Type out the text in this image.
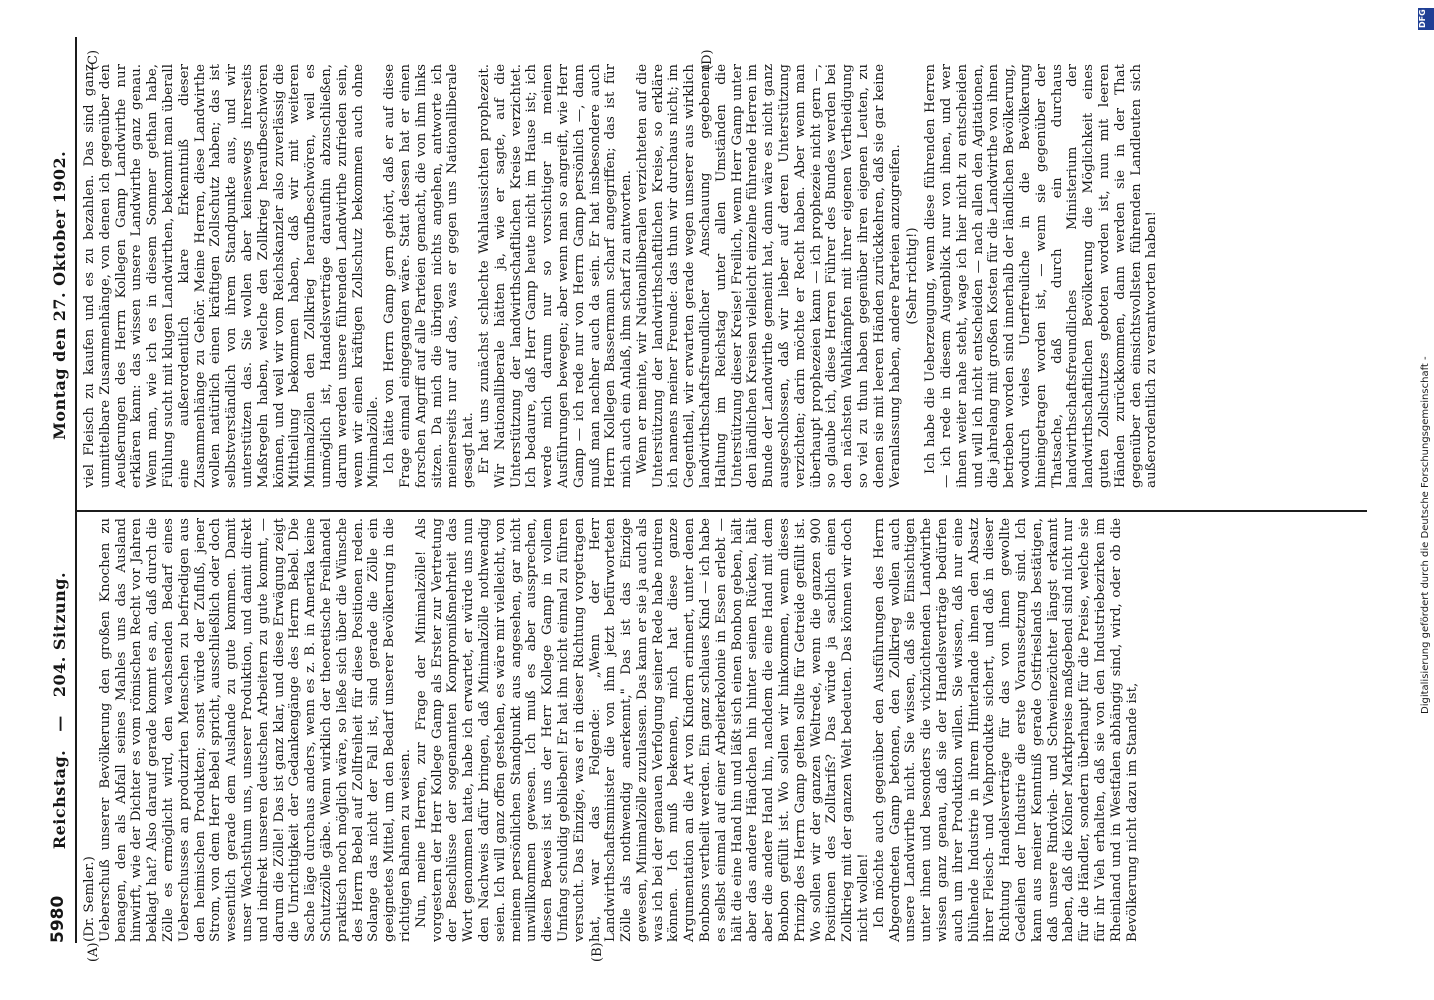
5980
Reichstag. — 204. Sitzung. Montag den 27. Oktober 1902.
(A)	(B)
(C)	(D)

(Dr. Semler.) Ueberschuß unserer Bevölkerung den großen Knochen zu benagen, den als Abfall seines Mahles uns das Ausland hinwirft, wie der Dichter es vom römischen Recht vor Jahren beklagt hat? Also darauf gerade kommt es an, daß durch die Zölle es ermöglicht wird, den wachsenden Bedarf eines Ueberschusses an produzirten Menschen zu befriedigen aus den heimischen Produkten; sonst würde der Zufluß, jener Strom, von dem Herr Bebel spricht, ausschließlich oder doch wesentlich gerade dem Auslande zu gute kommen. Damit unser Wachsthum uns, unserer Produktion, und damit direkt und indirekt unseren deutschen Arbeitern zu gute kommt, — darum die Zölle! Das ist ganz klar, und diese Erwägung zeigt die Unrichtigkeit der Gedankengänge des Herrn Bebel. Die Sache läge durchaus anders, wenn es z. B. in Amerika keine Schutzzölle gäbe. Wenn wirklich der theoretische Freihandel praktisch noch möglich wäre, so ließe sich über die Wünsche des Herrn Bebel auf Zollfreiheit für diese Positionen reden. Solange das nicht der Fall ist, sind gerade die Zölle ein geeignetes Mittel, um den Bedarf unserer Bevölkerung in die richtigen Bahnen zu weisen. Nun, meine Herren, zur Frage der Minimalzölle! Als vorgestern der Herr Kollege Gamp als Erster zur Vertretung der Beschlüsse der sogenannten Kompromißmehrheit das Wort genommen hatte, habe ich erwartet, er würde uns nun den Nachweis dafür bringen, daß Minimalzölle nothwendig seien. Ich will ganz offen gestehen, es wäre mir vielleicht, von meinem persönlichen Standpunkt aus angesehen, gar nicht unwillkommen gewesen. Ich muß es aber aussprechen, diesen Beweis ist uns der Herr Kollege Gamp in vollem Umfang schuldig geblieben! Er hat ihn nicht einmal zu führen versucht. Das Einzige, was er in dieser Richtung vorgetragen hat, war das Folgende: „Wenn der Herr Landwirthschaftsminister die von ihm jetzt befürworteten Zölle als nothwendig anerkennt," Das ist das Einzige gewesen, Minimalzölle zuzulassen. Das kann er sie ja auch als was ich bei der genauen Verfolgung seiner Rede habe notiren können. Ich muß bekennen, mich hat diese ganze Argumentation an die Art von Kindern erinnert, unter denen Bonbons vertheilt werden. Ein ganz schlaues Kind — ich habe es selbst einmal auf einer Arbeiterkolonie in Essen erlebt — hält die eine Hand hin und läßt sich einen Bonbon geben, hält aber das andere Händchen hin hinter seinen Rücken, hält aber die andere Hand hin, nachdem die eine Hand mit dem Bonbon gefüllt ist. Wo sollen wir hinkommen, wenn dieses Prinzip des Herrn Gamp gelten sollte für Getreide gefüllt ist. Wo sollen wir der ganzen Weltrede, wenn die ganzen 900 Positionen des Zolltarifs? Das würde ja sachlich einen Zollkrieg mit der ganzen Welt bedeuten. Das können wir doch nicht wollen! Ich möchte auch gegenüber den Ausführungen des Herrn Abgeordneten Gamp betonen, den Zollkrieg wollen auch unsere Landwirthe nicht. Sie wissen, daß sie Einsichtigen unter ihnen und besonders die vichzüchtenden Landwirthe wissen ganz genau, daß sie der Handelsverträge bedürfen auch um ihrer Produktion willen. Sie wissen, daß nur eine blühende Industrie in ihrem Hinterlande ihnen den Absatz ihrer Fleisch- und Viehprodukte sichert, und daß in dieser Richtung Handelsverträge für das von ihnen gewollte Gedeihen der Industrie die erste Voraussetzung sind. Ich kann aus meiner Kenntniß gerade Ostfrieslands bestätigen, daß unsere Rindvieh- und Schweinezüchter längst erkannt haben, daß die Kölner Marktpreise maßgebend sind nicht nur für die Händler, sondern überhaupt für die Preise, welche sie für ihr Vieh erhalten, daß sie von den Industriebezirken im Rheinland und in Westfalen abhängig sind, wird, oder ob die Bevölkerung nicht dazu im Stande ist,

viel Fleisch zu kaufen und es zu bezahlen. Das sind ganz unmittelbare Zusammenhänge, von denen ich gegenüber den Aeußerungen des Herrn Kollegen Gamp Landwirthe nur erklären kann: das wissen unsere Landwirthe ganz genau. Wenn man, wie ich es in diesem Sommer gethan habe, Fühlung sucht mit klugen Landwirthen, bekommt man überall eine außerordentlich klare Erkenntniß dieser Zusammenhänge zu Gehör. Meine Herren, diese Landwirthe wollen natürlich einen kräftigen Zollschutz haben; das ist selbstverständlich von ihrem Standpunkte aus, und wir unterstützen das. Sie wollen aber keineswegs ihrerseits Maßregeln haben, welche den Zollkrieg heraufbeschwören können, und weil wir vom Reichskanzler also zuverlässig die Mittheilung bekommen haben, daß wir mit weiteren Minimalzöllen den Zollkrieg heraufbeschwören, weil es unmöglich ist, Handelsverträge daraufhin abzuschließen, darum werden unsere führenden Landwirthe zufrieden sein, wenn wir einen kräftigen Zollschutz bekommen auch ohne Minimalzölle. Ich hätte von Herrn Gamp gern gehört, daß er auf diese Frage einmal eingegangen wäre. Statt dessen hat er einen forschen Angriff auf alle Parteien gemacht, die von ihm links sitzen. Da mich die übrigen nichts angehen, antworte ich meinerseits nur auf das, was er gegen uns Nationalliberale gesagt hat. Er hat uns zunächst schlechte Wahlaussichten prophezeit. Wir Nationalliberale hätten ja, wie er sagte, auf die Unterstützung der landwirthschaftlichen Kreise verzichtet. Ich bedaure, daß Herr Gamp heute nicht im Hause ist; ich werde mich darum nur so vorsichtiger in meinen Ausführungen bewegen; aber wenn man so angreift, wie Herr Gamp — ich rede nur von Herrn Gamp persönlich —, dann muß man nachher auch da sein. Er hat insbesondere auch Herrn Kollegen Bassermann scharf angegriffen; das ist für mich auch ein Anlaß, ihm scharf zu antworten. Wenn er meinte, wir Nationalliberalen verzichteten auf die Unterstützung der landwirthschaftlichen Kreise, so erkläre ich namens meiner Freunde: das thun wir durchaus nicht; im Gegentheil, wir erwarten gerade wegen unserer aus wirklich landwirthschaftsfreundlicher Anschauung gegebenen Haltung im Reichstag unter allen Umständen die Unterstützung dieser Kreise! Freilich, wenn Herr Gamp unter den ländlichen Kreisen vielleicht einzelne führende Herren im Bunde der Landwirthe gemeint hat, dann wäre es nicht ganz ausgeschlossen, daß wir lieber auf deren Unterstützung verzichten; darin möchte er Recht haben. Aber wenn man überhaupt prophezeien kann — ich prophezeie nicht gern —, so glaube ich, diese Herren Führer des Bundes werden bei den nächsten Wahlkämpfen mit ihrer eigenen Vertheidigung so viel zu thun haben gegenüber ihren eigenen Leuten, zu denen sie mit leeren Händen zurückkehren, daß sie gar keine Veranlassung haben, andere Parteien anzugreifen. (Sehr richtig!) Ich habe die Ueberzeugung, wenn diese führenden Herren — ich rede in diesem Augenblick nur von ihnen, und wer ihnen weiter nahe steht, wage ich hier nicht zu entscheiden und will ich nicht entscheiden — nach allen den Agitationen, die jahrelang mit großen Kosten für die Landwirthe von ihnen betrieben worden sind innerhalb der ländlichen Bevölkerung, wodurch vieles Unerfreuliche in die Bevölkerung hineingetragen worden ist, — wenn sie gegenüber der Thatsache, daß durch ein durchaus landwirthschaftsfreundliches Ministerium der landwirthschaftlichen Bevölkerung die Möglichkeit eines guten Zollschutzes geboten worden ist, nun mit leeren Händen zurückkommen, dann werden sie in der That gegenüber den einsichtsvollsten führenden Landleuten sich außerordentlich zu verantworten haben!

DFG
Digitalisierung gefördert durch die Deutsche Forschungsgemeinschaft -
